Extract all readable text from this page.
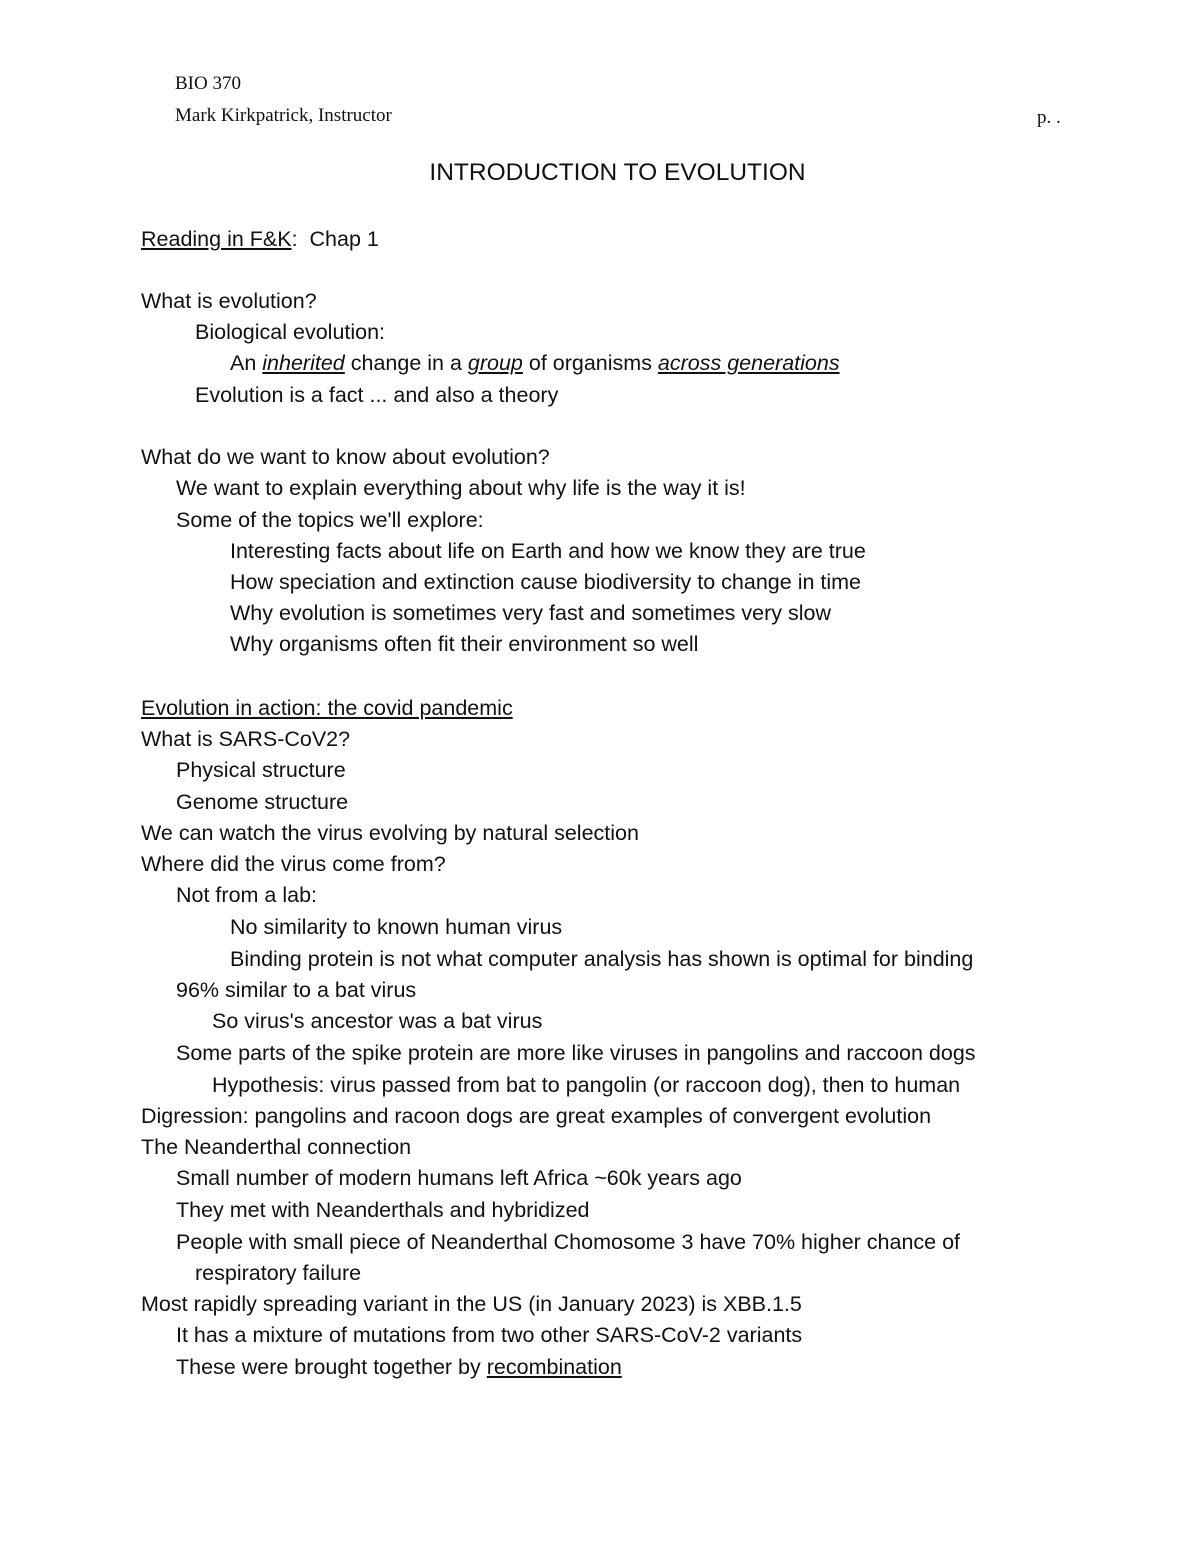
BIO 370
Mark Kirkpatrick, Instructor	p. .
INTRODUCTION TO EVOLUTION
Reading in F&K: Chap 1
What is evolution?
Biological evolution:
An inherited change in a group of organisms across generations
Evolution is a fact ... and also a theory
What do we want to know about evolution?
We want to explain everything about why life is the way it is!
Some of the topics we'll explore:
Interesting facts about life on Earth and how we know they are true
How speciation and extinction cause biodiversity to change in time
Why evolution is sometimes very fast and sometimes very slow
Why organisms often fit their environment so well
Evolution in action: the covid pandemic
What is SARS-CoV2?
Physical structure
Genome structure
We can watch the virus evolving by natural selection
Where did the virus come from?
Not from a lab:
No similarity to known human virus
Binding protein is not what computer analysis has shown is optimal for binding
96% similar to a bat virus
So virus's ancestor was a bat virus
Some parts of the spike protein are more like viruses in pangolins and raccoon dogs
Hypothesis: virus passed from bat to pangolin (or raccoon dog), then to human
Digression: pangolins and racoon dogs are great examples of convergent evolution
The Neanderthal connection
Small number of modern humans left Africa ~60k years ago
They met with Neanderthals and hybridized
People with small piece of Neanderthal Chomosome 3 have 70% higher chance of
respiratory failure
Most rapidly spreading variant in the US (in January 2023) is XBB.1.5
It has a mixture of mutations from two other SARS-CoV-2 variants
These were brought together by recombination
